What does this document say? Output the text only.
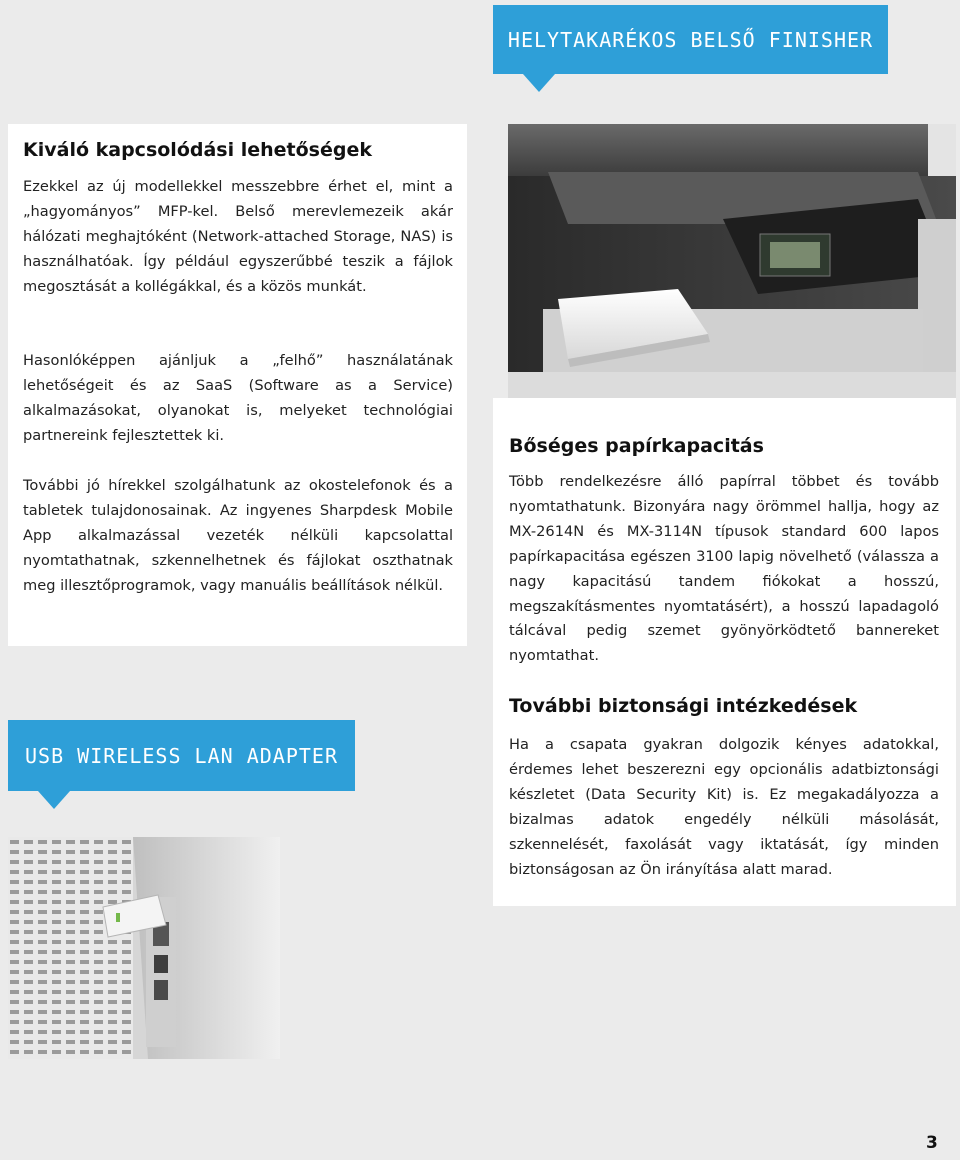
HELYTAKARÉKOS BELSŐ FINISHER
Kiváló kapcsolódási lehetőségek

Ezekkel az új modellekkel messzebbre érhet el, mint a „hagyományos” MFP-kel. Belső merevlemezeik akár hálózati meghajtóként (Network-attached Storage, NAS) is használhatóak. Így például egyszerűbbé teszik a fájlok megosztását a kollégákkal, és a közös munkát.

Hasonlóképpen ajánljuk a „felhő” használatának lehetőségeit és az SaaS (Software as a Service) alkalmazásokat, olyanokat is, melyeket technológiai partnereink fejlesztettek ki.

További jó hírekkel szolgálhatunk az okostelefonok és a tabletek tulajdonosainak. Az ingyenes Sharpdesk Mobile App alkalmazással vezeték nélküli kapcsolattal nyomtathatnak, szkennelhetnek és fájlokat oszthatnak meg illesztőprogramok, vagy manuális beállítások nélkül.

Bőséges papírkapacitás

Több rendelkezésre álló papírral többet és tovább nyomtathatunk. Bizonyára nagy örömmel hallja, hogy az MX-2614N és MX-3114N típusok standard 600 lapos papírkapacitása egészen 3100 lapig növelhető (válassza a nagy kapacitású tandem fiókokat a hosszú, megszakításmentes nyomtatásért), a hosszú lapadagoló tálcával pedig szemet gyönyörködtető bannereket nyomtathat.

További biztonsági intézkedések

Ha a csapata gyakran dolgozik kényes adatokkal, érdemes lehet beszerezni egy opcionális adatbiztonsági készletet (Data Security Kit) is. Ez megakadályozza a bizalmas adatok engedély nélküli másolását, szkennelését, faxolását vagy iktatását, így minden biztonságosan az Ön irányítása alatt marad.

USB WIRELESS LAN ADAPTER
3
